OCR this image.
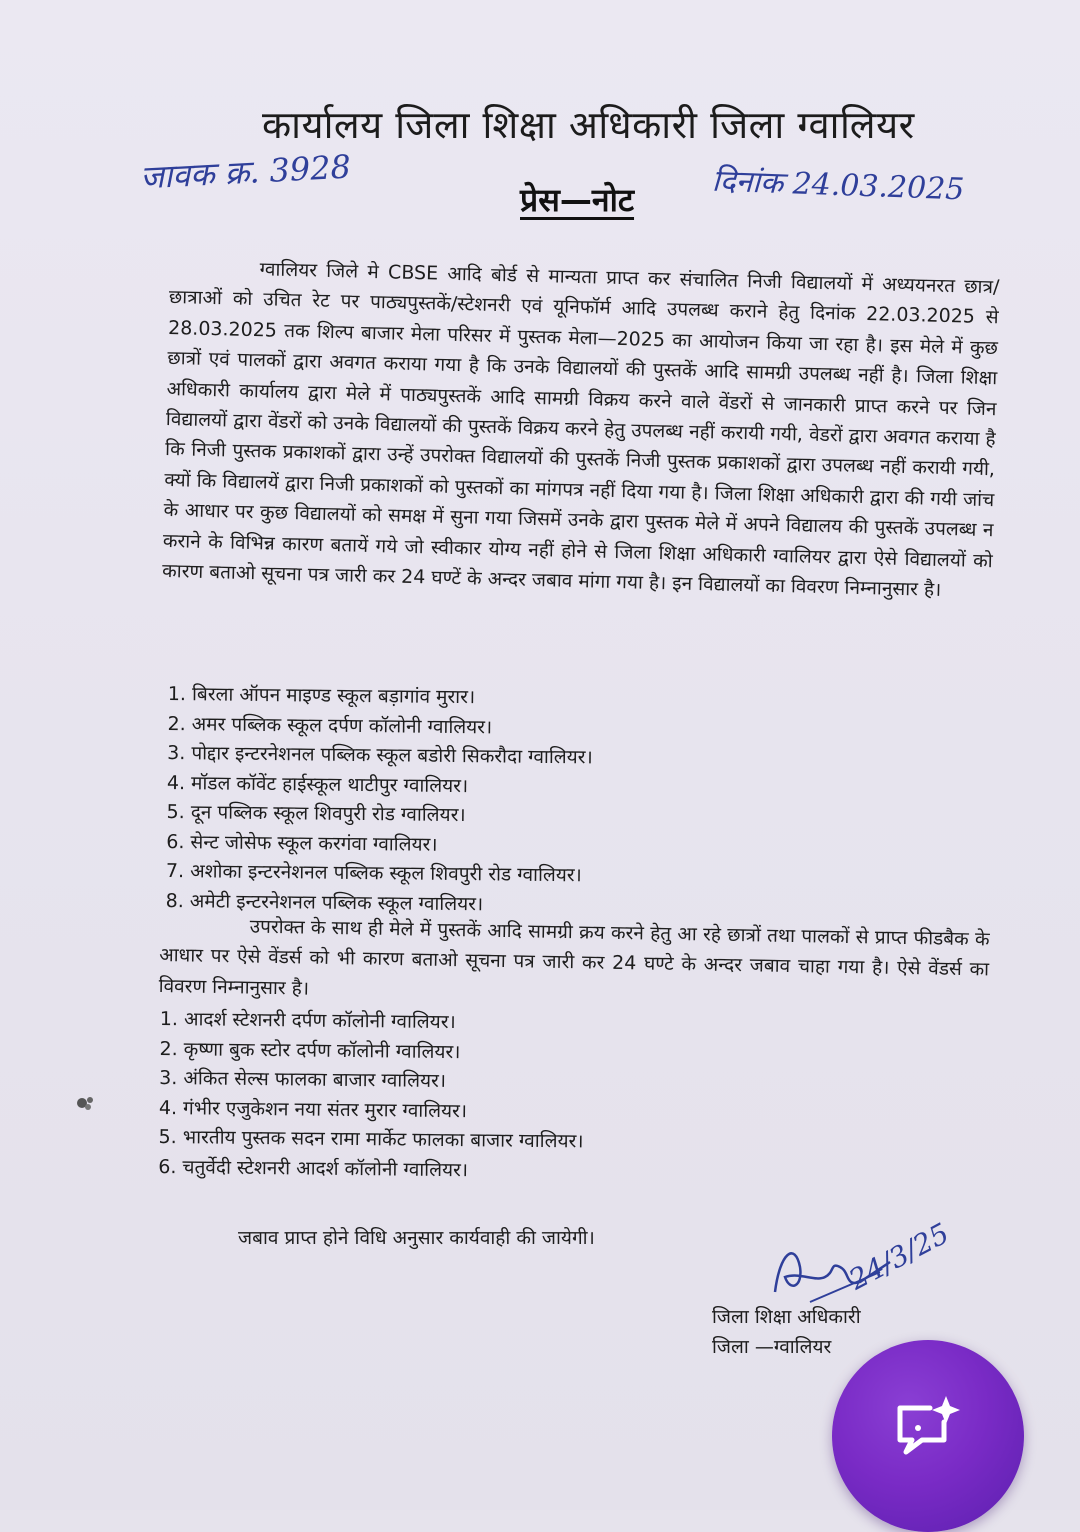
कार्यालय जिला शिक्षा अधिकारी जिला ग्वालियर
जावक क्र. 3928	दिनांक 24.03.2025
प्रेस—नोट
ग्वालियर जिले मे CBSE आदि बोर्ड से मान्यता प्राप्त कर संचालित निजी विद्यालयों में अध्ययनरत छात्र/छात्राओं को उचित रेट पर पाठ्यपुस्तकें/स्टेशनरी एवं यूनिफॉर्म आदि उपलब्ध कराने हेतु दिनांक 22.03.2025 से 28.03.2025 तक शिल्प बाजार मेला परिसर में पुस्तक मेला—2025 का आयोजन किया जा रहा है। इस मेले में कुछ छात्रों एवं पालकों द्वारा अवगत कराया गया है कि उनके विद्यालयों की पुस्तकें आदि सामग्री उपलब्ध नहीं है। जिला शिक्षा अधिकारी कार्यालय द्वारा मेले में पाठ्यपुस्तकें आदि सामग्री विक्रय करने वाले वेंडरों से जानकारी प्राप्त करने पर जिन विद्यालयों द्वारा वेंडरों को उनके विद्यालयों की पुस्तकें विक्रय करने हेतु उपलब्ध नहीं करायी गयी, वेडरों द्वारा अवगत कराया है कि निजी पुस्तक प्रकाशकों द्वारा उन्हें उपरोक्त विद्यालयों की पुस्तकें निजी पुस्तक प्रकाशकों द्वारा उपलब्ध नहीं करायी गयी, क्यों कि विद्यालयें द्वारा निजी प्रकाशकों को पुस्तकों का मांगपत्र नहीं दिया गया है। जिला शिक्षा अधिकारी द्वारा की गयी जांच के आधार पर कुछ विद्यालयों को समक्ष में सुना गया जिसमें उनके द्वारा पुस्तक मेले में अपने विद्यालय की पुस्तकें उपलब्ध न कराने के विभिन्न कारण बतायें गये जो स्वीकार योग्य नहीं होने से जिला शिक्षा अधिकारी ग्वालियर द्वारा ऐसे विद्यालयों को कारण बताओ सूचना पत्र जारी कर 24 घण्टें के अन्दर जबाव मांगा गया है। इन विद्यालयों का विवरण निम्नानुसार है।
1. बिरला ऑपन माइण्ड स्कूल बड़ागांव मुरार।
2. अमर पब्लिक स्कूल दर्पण कॉलोनी ग्वालियर।
3. पोद्दार इन्टरनेशनल पब्लिक स्कूल बडोरी सिकरौदा ग्वालियर।
4. मॉडल कॉवेंट हाईस्कूल थाटीपुर ग्वालियर।
5. दून पब्लिक स्कूल शिवपुरी रोड ग्वालियर।
6. सेन्ट जोसेफ स्कूल करगंवा ग्वालियर।
7. अशोका इन्टरनेशनल पब्लिक स्कूल शिवपुरी रोड ग्वालियर।
8. अमेटी इन्टरनेशनल पब्लिक स्कूल ग्वालियर।
उपरोक्त के साथ ही मेले में पुस्तकें आदि सामग्री क्रय करने हेतु आ रहे छात्रों तथा पालकों से प्राप्त फीडबैक के आधार पर ऐसे वेंडर्स को भी कारण बताओ सूचना पत्र जारी कर 24 घण्टे के अन्दर जबाव चाहा गया है। ऐसे वेंडर्स का विवरण निम्नानुसार है।
1. आदर्श स्टेशनरी दर्पण कॉलोनी ग्वालियर।
2. कृष्णा बुक स्टोर दर्पण कॉलोनी ग्वालियर।
3. अंकित सेल्स फालका बाजार ग्वालियर।
4. गंभीर एजुकेशन नया संतर मुरार ग्वालियर।
5. भारतीय पुस्तक सदन रामा मार्केट फालका बाजार ग्वालियर।
6. चतुर्वेदी स्टेशनरी आदर्श कॉलोनी ग्वालियर।
जबाव प्राप्त होने विधि अनुसार कार्यवाही की जायेगी।	24/3/25
जिला शिक्षा अधिकारी
जिला —ग्वालियर
